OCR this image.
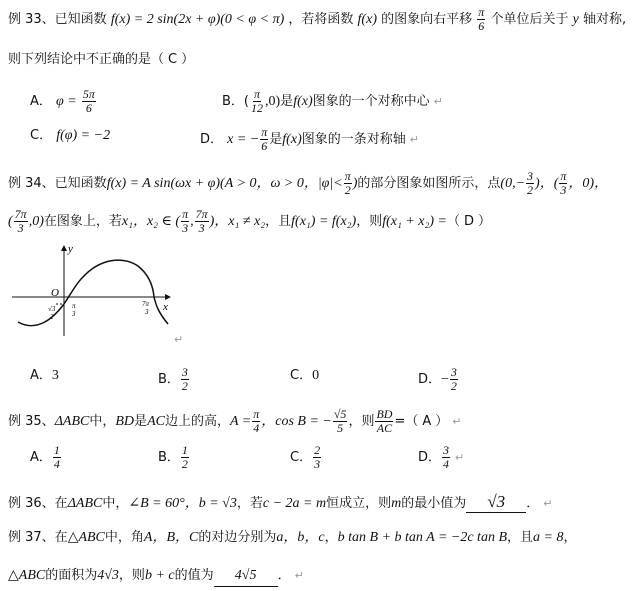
例 33、已知函数 f(x) = 2 sin(2x + φ)(0 < φ < π) ，若将函数 f(x) 的图象向右平移 $\frac{\pi}{6}$ 个单位后关于 y 轴对称,
则下列结论中不正确的是（ C ）
A． $\varphi = \frac{5\pi}{6}$	B．( $\frac{\pi}{12} ,0$)是f(x)图象的一个对称中心 ↵
C． f(φ) = −2	D． x = − $\frac{\pi}{6}$ 是f(x)图象的一条对称轴 ↵
例 34、已知函数f(x) = A sin(ωx + φ)(A > 0，ω > 0，$|\varphi|< \frac{\pi}{2}$ )的部分图象如图所示，点($0,- \frac{3}{2}$ )，( $\frac{\pi}{3}$ ，0)，
( $\frac{7\pi}{3} ,0$)在图象上，若x₁，x₂ ∈ ( $\frac{\pi}{3}$ , $\frac{7\pi}{3}$ )，x₁ ≠ x₂，且f(x₁) = f(x₂)，则f(x₁ + x₂) =（ D ）
y
x
O
π
3
7π
3
√3
2
↵
A．3	B． $\frac{3}{2}$	C．0	D．− $\frac{3}{2}$
例 35、ΔABC中，BD是AC边上的高，$A = \frac{\pi}{4}$ ，cos B = − $\frac{√5}{5}$ ，则 $\frac{BD}{AC}$ =（ A ） ↵
A． $\frac{1}{4}$	B． $\frac{1}{2}$	C． $\frac{2}{3}$	D． $\frac{3}{4}$ ↵
例 36、在ΔABC中，∠B = 60°，b = √3，若c − 2a = m恒成立，则m的最小值为 √3 ． ↵
例 37、在△ABC中，角A，B，C的对边分别为a，b，c，b tan B + b tan A = −2c tan B，且a = 8，
△ABC的面积为4√3，则b + c的值为 4√5 ． ↵
